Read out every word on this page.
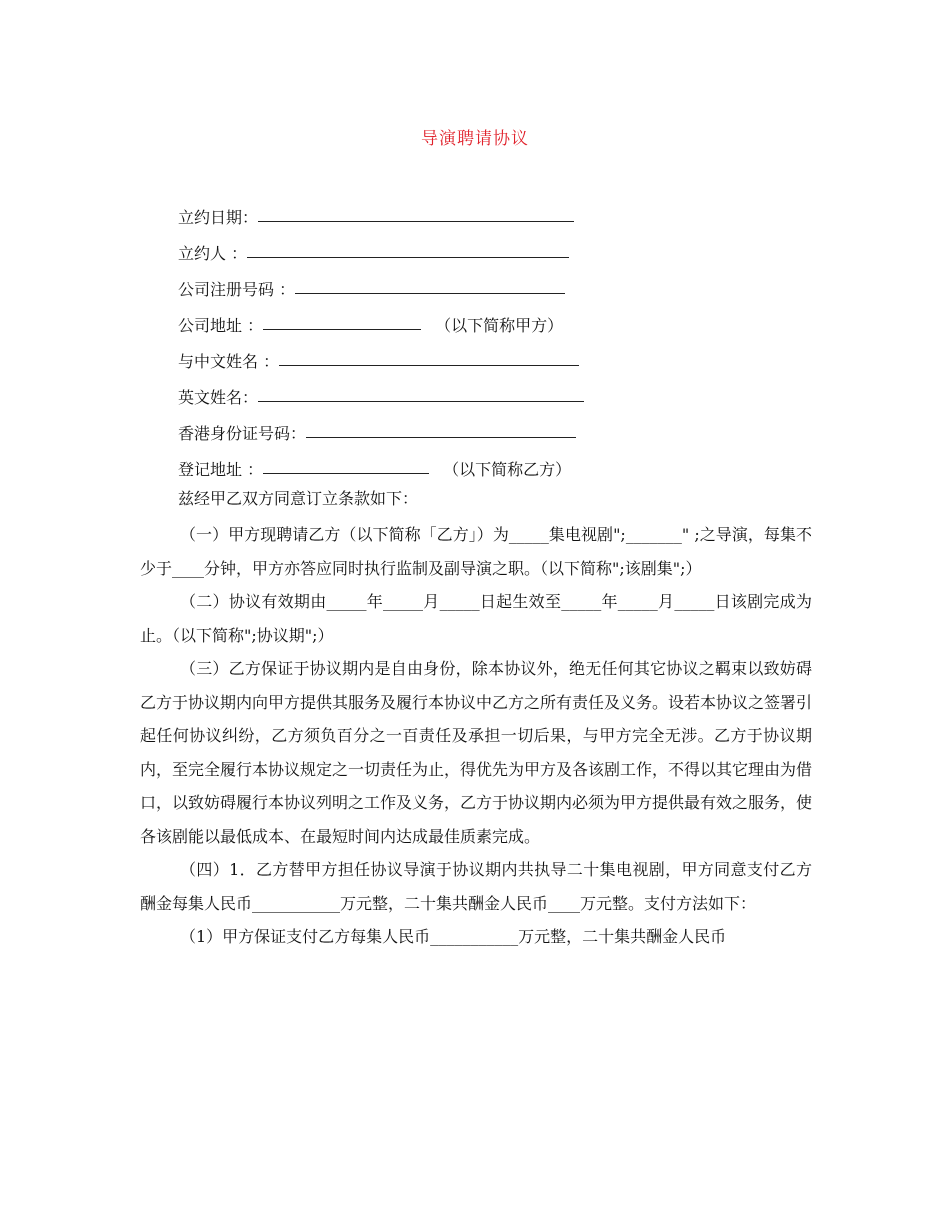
导演聘请协议
立约日期：
立约人 ：
公司注册号码 ：
公司地址 ：	（以下简称甲方）
与中文姓名 ：
英文姓名：
香港身份证号码：
登记地址 ：	（以下简称乙方）

兹经甲乙双方同意订立条款如下：

（一）甲方现聘请乙方（以下简称「乙方」）为_____集电视剧";_______" ;之导演，每集不少于____分钟，甲方亦答应同时执行监制及副导演之职。（以下简称";该剧集";）

（二）协议有效期由_____年_____月_____日起生效至_____年_____月_____日该剧完成为止。（以下简称";协议期";）

（三）乙方保证于协议期内是自由身份，除本协议外，绝无任何其它协议之羁束以致妨碍乙方于协议期内向甲方提供其服务及履行本协议中乙方之所有责任及义务。设若本协议之签署引起任何协议纠纷，乙方须负百分之一百责任及承担一切后果，与甲方完全无涉。乙方于协议期内，至完全履行本协议规定之一切责任为止，得优先为甲方及各该剧工作，不得以其它理由为借口，以致妨碍履行本协议列明之工作及义务，乙方于协议期内必须为甲方提供最有效之服务，使各该剧能以最低成本、在最短时间内达成最佳质素完成。

（四）1．乙方替甲方担任协议导演于协议期内共执导二十集电视剧，甲方同意支付乙方酬金每集人民币___________万元整，二十集共酬金人民币____万元整。支付方法如下：

（1）甲方保证支付乙方每集人民币___________万元整，二十集共酬金人民币
